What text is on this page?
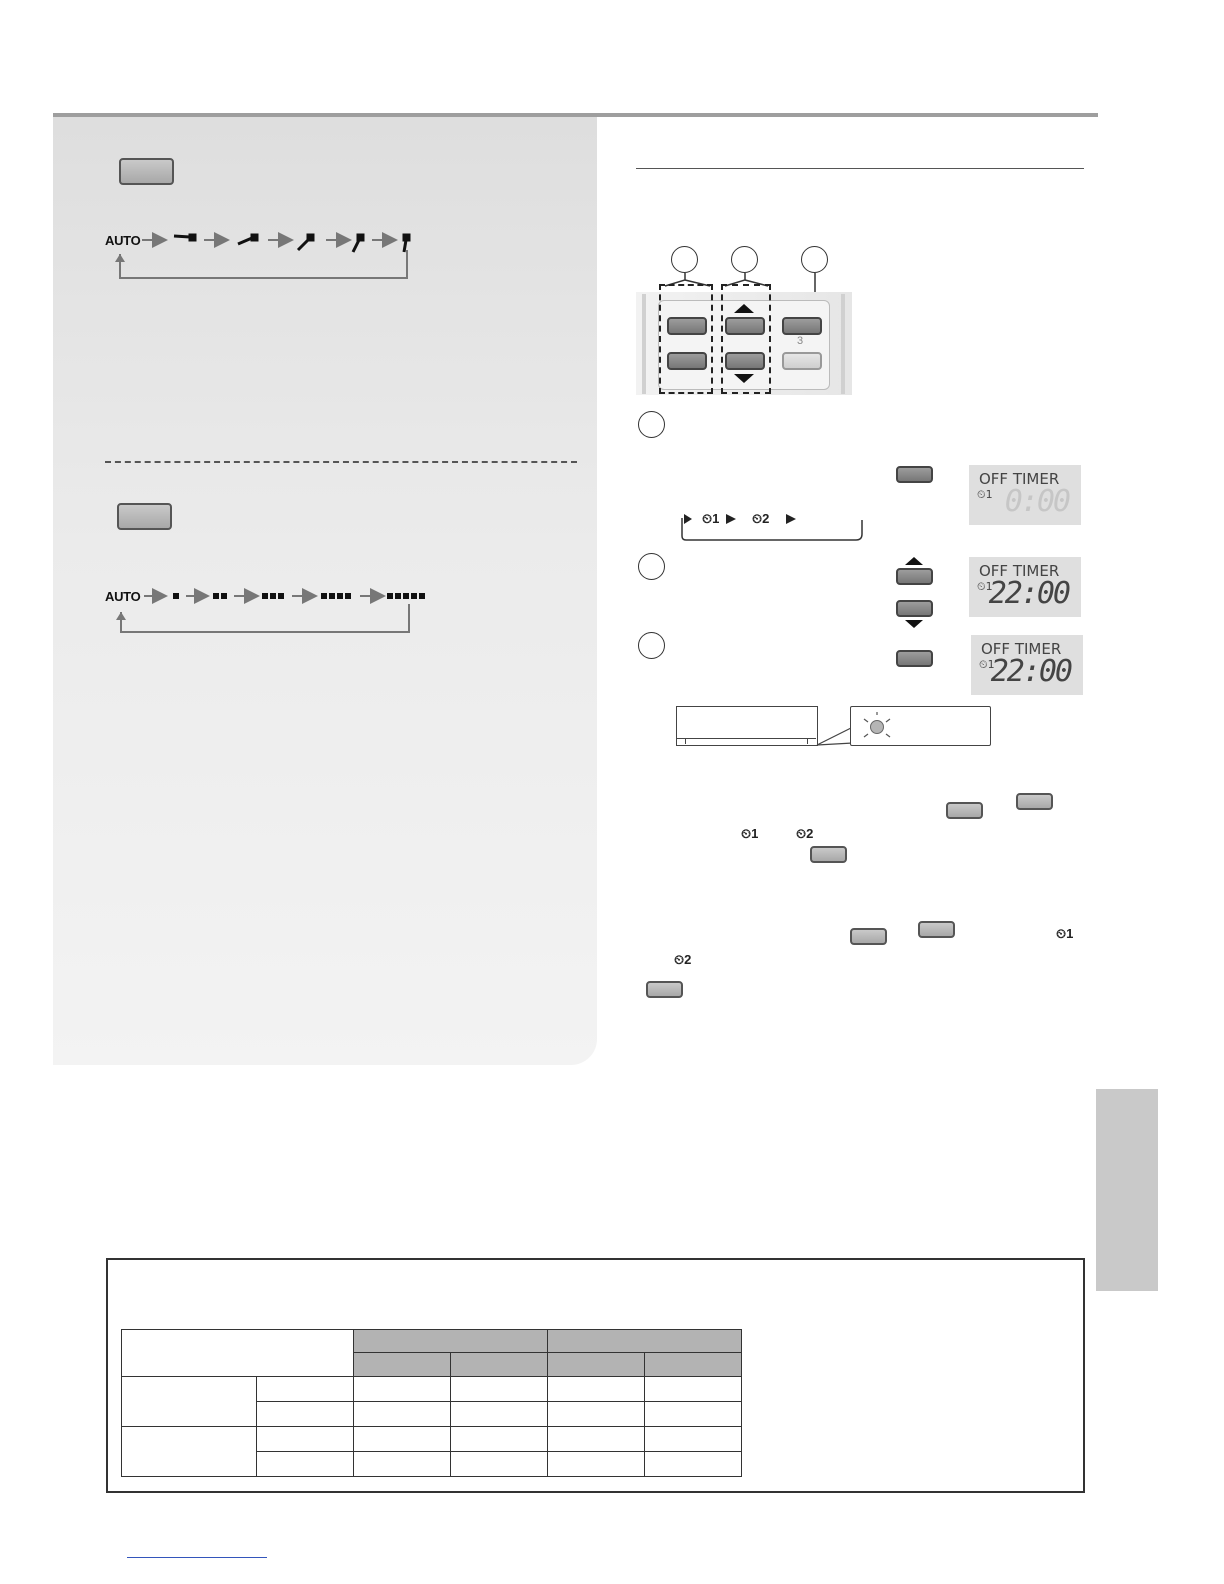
AUTO
AUTO
3
⏲1	⏲2
OFF TIMER
⏲1 0:00
OFF TIMER
⏲1
22:00
OFF TIMER
⏲1
22:00
⏲1	⏲2
⏲1
⏲2
